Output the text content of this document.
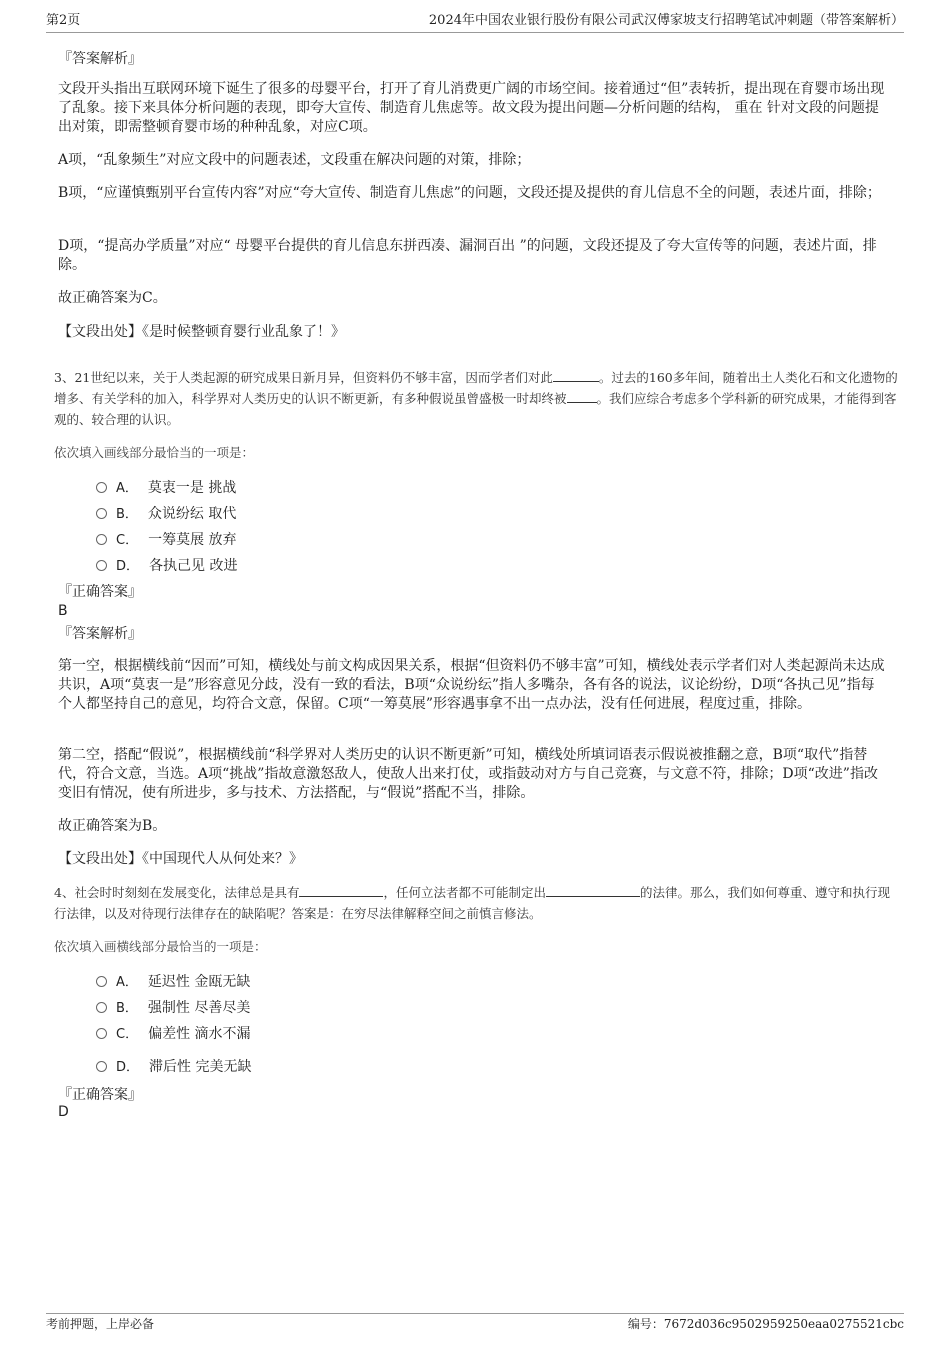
第2页	2024年中国农业银行股份有限公司武汉傅家坡支行招聘笔试冲刺题（带答案解析）
『答案解析』
文段开头指出互联网环境下诞生了很多的母婴平台，打开了育儿消费更广阔的市场空间。接着通过“但”表转折，提出现在育婴市场出现了乱象。接下来具体分析问题的表现，即夸大宣传、制造育儿焦虑等。故文段为提出问题—分析问题的结构， 重在 针对文段的问题提出对策，即需整顿育婴市场的种种乱象，对应C项。
A项，“乱象频生”对应文段中的问题表述，文段重在解决问题的对策，排除；
B项，“应谨慎甄别平台宣传内容”对应“夸大宣传、制造育儿焦虑”的问题，文段还提及提供的育儿信息不全的问题，表述片面，排除；
D项，“提高办学质量”对应“ 母婴平台提供的育儿信息东拼西凑、漏洞百出 ”的问题，文段还提及了夸大宣传等的问题，表述片面，排除。
故正确答案为C。
【文段出处】《是时候整顿育婴行业乱象了！》
3、21世纪以来，关于人类起源的研究成果日新月异，但资料仍不够丰富，因而学者们对此	。过去的160多年间，随着出土人类化石和文化遗物的增多、有关学科的加入，科学界对人类历史的认识不断更新，有多种假说虽曾盛极一时却终被 。我们应综合考虑多个学科新的研究成果，才能得到客观的、较合理的认识。
依次填入画线部分最恰当的一项是：
A． 莫衷一是 挑战
B． 众说纷纭 取代
C． 一筹莫展 放弃
D． 各执己见 改进
『正确答案』
B
『答案解析』
第一空，根据横线前“因而”可知，横线处与前文构成因果关系，根据“但资料仍不够丰富”可知，横线处表示学者们对人类起源尚未达成共识，A项“莫衷一是”形容意见分歧，没有一致的看法，B项“众说纷纭”指人多嘴杂，各有各的说法，议论纷纷，D项“各执己见”指每个人都坚持自己的意见，均符合文意，保留。C项“一筹莫展”形容遇事拿不出一点办法，没有任何进展，程度过重，排除。
第二空，搭配“假说”，根据横线前“科学界对人类历史的认识不断更新”可知，横线处所填词语表示假说被推翻之意，B项“取代”指替代，符合文意，当选。A项“挑战”指故意激怒敌人，使敌人出来打仗，或指鼓动对方与自己竞赛，与文意不符，排除；D项“改进”指改变旧有情况，使有所进步，多与技术、方法搭配，与“假说”搭配不当，排除。
故正确答案为B。
【文段出处】《中国现代人从何处来？》
4、社会时时刻刻在发展变化，法律总是具有	，任何立法者都不可能制定出	的法律。那么，我们如何尊重、遵守和执行现行法律，以及对待现行法律存在的缺陷呢？答案是：在穷尽法律解释空间之前慎言修法。
依次填入画横线部分最恰当的一项是：
A． 延迟性 金瓯无缺
B． 强制性 尽善尽美
C． 偏差性 滴水不漏
D． 滞后性 完美无缺
『正确答案』
D
考前押题，上岸必备	编号：7672d036c9502959250eaa0275521cbc
